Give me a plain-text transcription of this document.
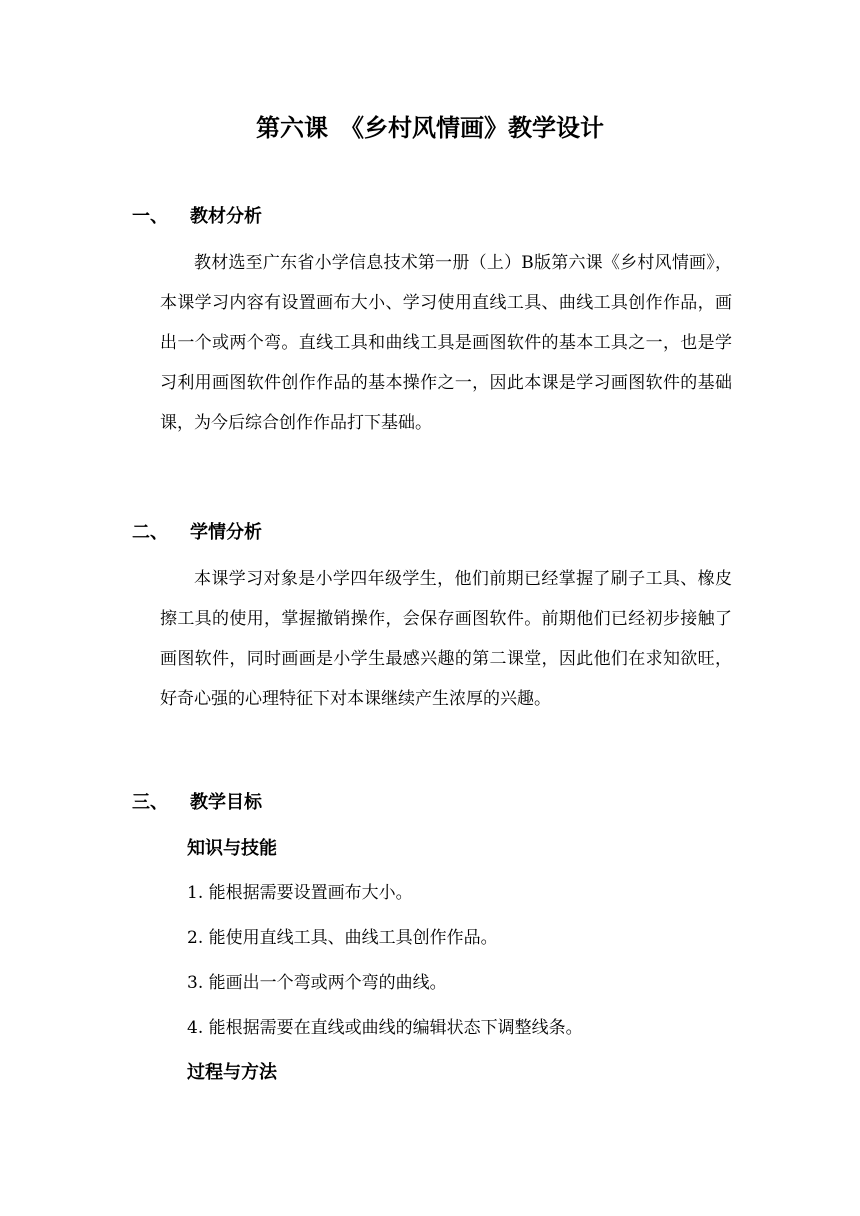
第六课　《乡村风情画》教学设计
一、 教材分析

教材选至广东省小学信息技术第一册（上）B版第六课《乡村风情画》，本课学习内容有设置画布大小、学习使用直线工具、曲线工具创作作品，画出一个或两个弯。直线工具和曲线工具是画图软件的基本工具之一，也是学习利用画图软件创作作品的基本操作之一，因此本课是学习画图软件的基础课，为今后综合创作作品打下基础。

二、 学情分析

本课学习对象是小学四年级学生，他们前期已经掌握了刷子工具、橡皮擦工具的使用，掌握撤销操作，会保存画图软件。前期他们已经初步接触了画图软件，同时画画是小学生最感兴趣的第二课堂，因此他们在求知欲旺，好奇心强的心理特征下对本课继续产生浓厚的兴趣。

三、 教学目标
知识与技能
1. 能根据需要设置画布大小。
2. 能使用直线工具、曲线工具创作作品。
3. 能画出一个弯或两个弯的曲线。
4. 能根据需要在直线或曲线的编辑状态下调整线条。
过程与方法
